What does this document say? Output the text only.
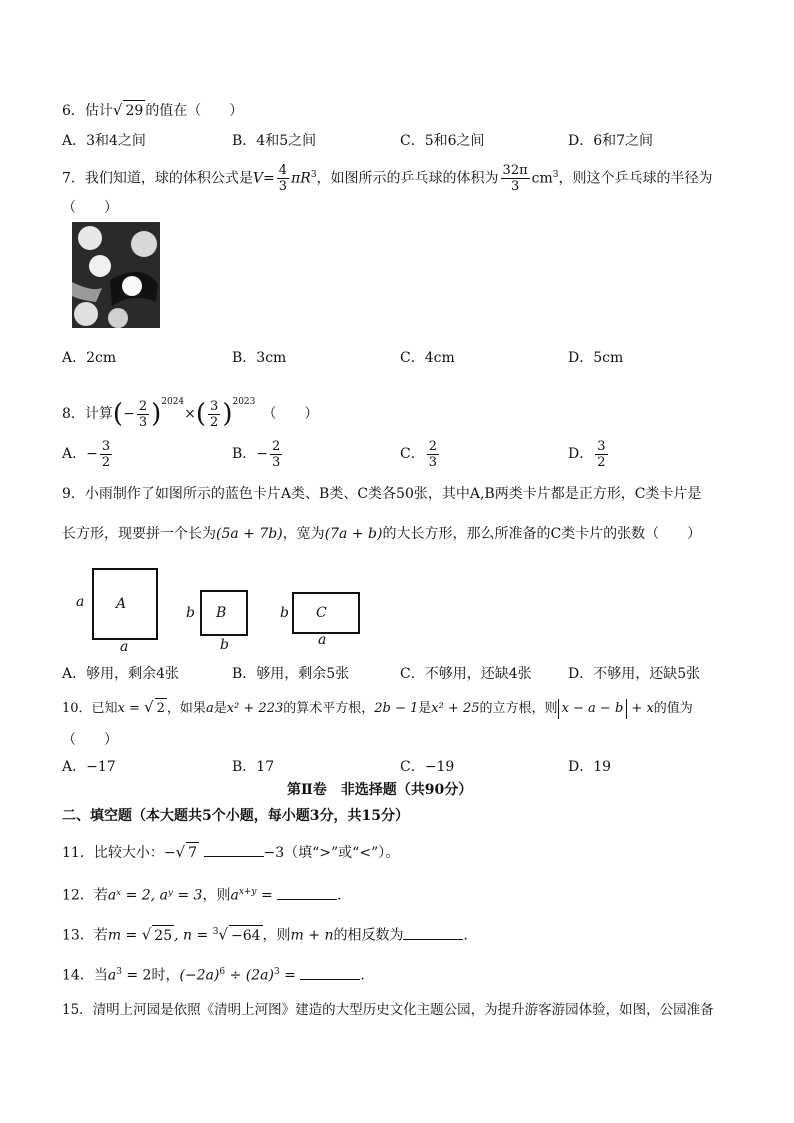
6．估计√ 29 的值在（　　）
A．3和4之间	B．4和5之间	C．5和6之间	D．6和7之间
7．我们知道，球的体积公式是$V= \frac{4}{3} \pi R^3$，如图所示的乒乓球的体积为 $\frac{32\pi}{3} cm^3$，则这个乒乓球的半径为
（　　）
A．2cm	B．3cm	C．4cm	D．5cm
8．计算(− $\frac{2}{3} )^{2024}\times( \frac{3}{2} )^{2023}$　（　　）
A．− $\frac{3}{2}$	B．− $\frac{2}{3}$	C． $\frac{2}{3}$	D． $\frac{3}{2}$
9．小雨制作了如图所示的蓝色卡片A类、B类、C类各50张，其中A,B两类卡片都是正方形，C类卡片是
长方形，现要拼一个长为(5a + 7b)，宽为(7a + b)的大长方形，那么所准备的C类卡片的张数（　　）
A
a
a
B
b
b
C
b
a
A．够用，剩余4张	B．够用，剩余5张	C．不够用，还缺4张	D．不够用，还缺5张
10．已知x = √ 2 ，如果a是x² + 223的算术平方根，2b − 1是x² + 25的立方根，则 x − a − b + x的值为
（　　）
A．−17	B．17	C．−19	D．19
第Ⅱ卷　非选择题（共90分）
二、填空题（本大题共5个小题，每小题3分，共15分）
11．比较大小：−√ 7	−3（填“>”或“<”）。
12．若aˣ = 2, aʸ = 3，则$a^{x+y}$ =	．
13．若m = √ 25 , n = $^3$√ −64 ，则m + n的相反数为	．
14．当$a^3 = 2$时，$(-2a)^6 \div (2a)^3$ =	．
15．清明上河园是依照《清明上河图》建造的大型历史文化主题公园，为提升游客游园体验，如图，公园准备
